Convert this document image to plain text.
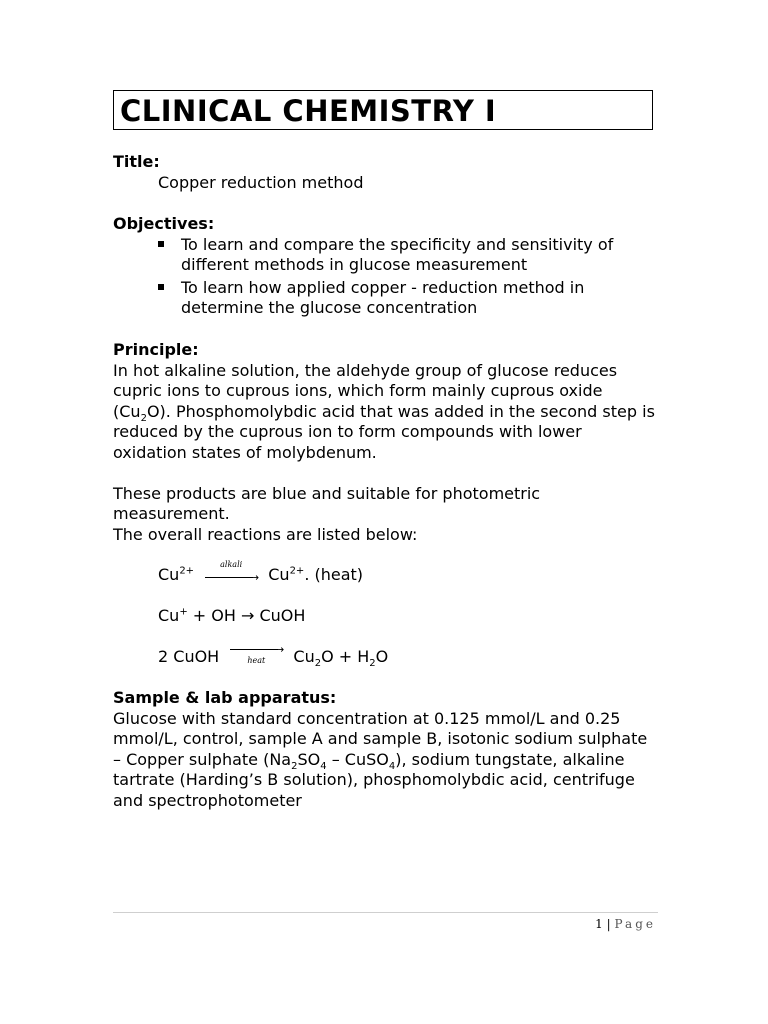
CLINICAL CHEMISTRY I
Title:
Copper reduction method
Objectives:
To learn and compare the specificity and sensitivity of different methods in glucose measurement
To learn how applied copper - reduction method in determine the glucose concentration
Principle:
In hot alkaline solution, the aldehyde group of glucose reduces cupric ions to cuprous ions, which form mainly cuprous oxide $(Cu_2O)$. Phosphomolybdic acid that was added in the second step is reduced by the cuprous ion to form compounds with lower oxidation states of molybdenum.
These products are blue and suitable for photometric measurement.
The overall reactions are listed below:
$Cu^{2+}$
alkali
⟶ $Cu^{2+}$. (heat)
Cu+ + OH → CuOH
2 CuOH	heat
⟶ $Cu_2O + H_2O$
Sample & lab apparatus:
Glucose with standard concentration at 0.125 mmol/L and 0.25 mmol/L, control, sample A and sample B, isotonic sodium sulphate – Copper sulphate ($Na_2SO_4$ – CuSO$_4$), sodium tungstate, alkaline tartrate (Harding’s B solution), phosphomolybdic acid, centrifuge and spectrophotometer
1 | Page
